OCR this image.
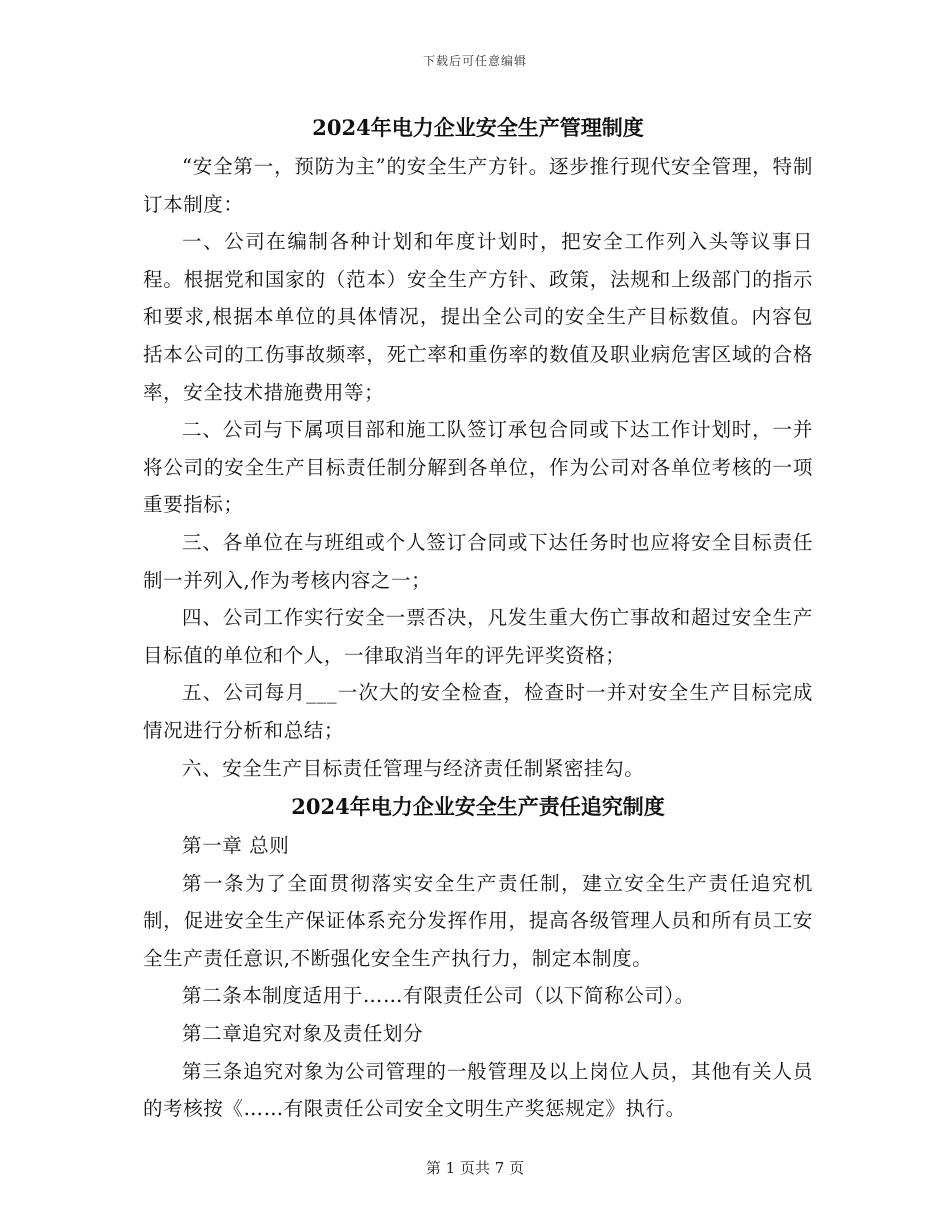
下载后可任意编辑
2024年电力企业安全生产管理制度

“安全第一，预防为主”的安全生产方针。逐步推行现代安全管理，特制订本制度：

一、公司在编制各种计划和年度计划时，把安全工作列入头等议事日程。根据党和国家的（范本）安全生产方针、政策，法规和上级部门的指示和要求,根据本单位的具体情况，提出全公司的安全生产目标数值。内容包括本公司的工伤事故频率，死亡率和重伤率的数值及职业病危害区域的合格率，安全技术措施费用等；

二、公司与下属项目部和施工队签订承包合同或下达工作计划时，一并将公司的安全生产目标责任制分解到各单位，作为公司对各单位考核的一项重要指标；

三、各单位在与班组或个人签订合同或下达任务时也应将安全目标责任制一并列入,作为考核内容之一；

四、公司工作实行安全一票否决，凡发生重大伤亡事故和超过安全生产目标值的单位和个人，一律取消当年的评先评奖资格；

五、公司每月___一次大的安全检查，检查时一并对安全生产目标完成情况进行分析和总结；

六、安全生产目标责任管理与经济责任制紧密挂勾。

2024年电力企业安全生产责任追究制度

第一章 总则

第一条为了全面贯彻落实安全生产责任制，建立安全生产责任追究机制，促进安全生产保证体系充分发挥作用，提高各级管理人员和所有员工安全生产责任意识,不断强化安全生产执行力，制定本制度。

第二条本制度适用于……有限责任公司（以下简称公司）。

第二章追究对象及责任划分

第三条追究对象为公司管理的一般管理及以上岗位人员，其他有关人员的考核按《……有限责任公司安全文明生产奖惩规定》执行。

第 1 页共 7 页
